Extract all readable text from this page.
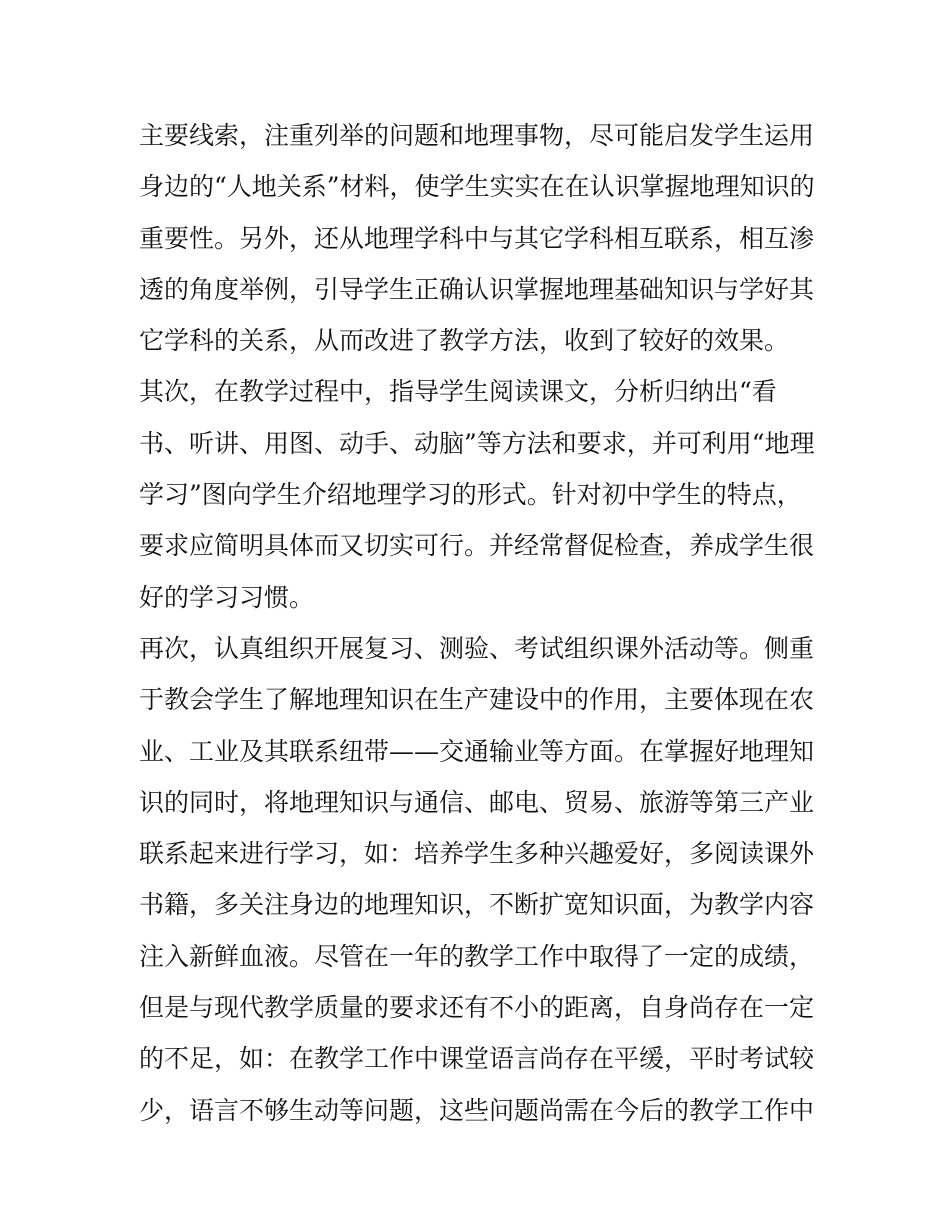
主要线索，注重列举的问题和地理事物，尽可能启发学生运用
身边的“人地关系”材料，使学生实实在在认识掌握地理知识的
重要性。另外，还从地理学科中与其它学科相互联系，相互渗
透的角度举例，引导学生正确认识掌握地理基础知识与学好其
它学科的关系，从而改进了教学方法，收到了较好的效果。
其次，在教学过程中，指导学生阅读课文，分析归纳出“看
书、听讲、用图、动手、动脑”等方法和要求，并可利用“地理
学习”图向学生介绍地理学习的形式。针对初中学生的特点，
要求应简明具体而又切实可行。并经常督促检查，养成学生很
好的学习习惯。
再次，认真组织开展复习、测验、考试组织课外活动等。侧重
于教会学生了解地理知识在生产建设中的作用，主要体现在农
业、工业及其联系纽带——交通输业等方面。在掌握好地理知
识的同时，将地理知识与通信、邮电、贸易、旅游等第三产业
联系起来进行学习，如：培养学生多种兴趣爱好，多阅读课外
书籍，多关注身边的地理知识，不断扩宽知识面，为教学内容
注入新鲜血液。尽管在一年的教学工作中取得了一定的成绩，
但是与现代教学质量的要求还有不小的距离，自身尚存在一定
的不足，如：在教学工作中课堂语言尚存在平缓，平时考试较
少，语言不够生动等问题，这些问题尚需在今后的教学工作中
